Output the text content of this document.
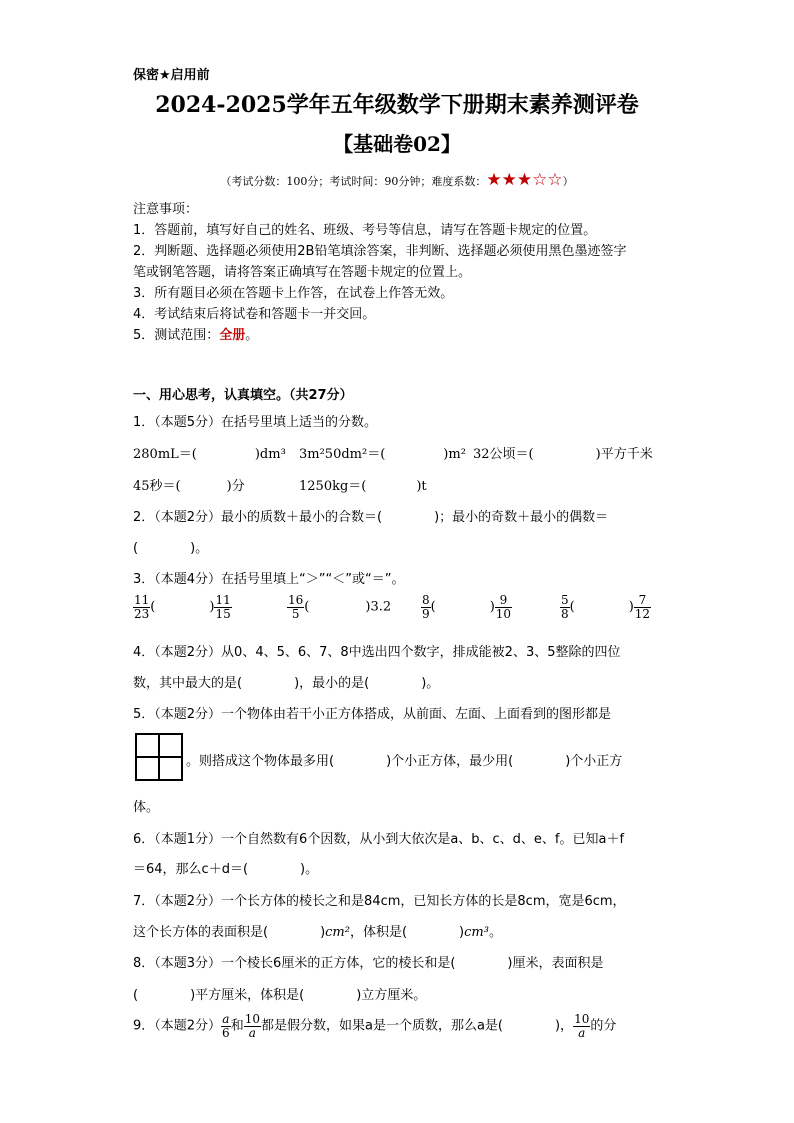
保密★启用前
2024-2025学年五年级数学下册期末素养测评卷
【基础卷02】
（考试分数：100分；考试时间：90分钟；难度系数：★★★☆☆）
注意事项：
1．答题前，填写好自己的姓名、班级、考号等信息，请写在答题卡规定的位置。
2．判断题、选择题必须使用2B铅笔填涂答案，非判断、选择题必须使用黑色墨迹签字
笔或钢笔答题，请将答案正确填写在答题卡规定的位置上。
3．所有题目必须在答题卡上作答，在试卷上作答无效。
4．考试结束后将试卷和答题卡一并交回。
5．测试范围：全册。
一、用心思考，认真填空。（共27分）
1．（本题5分）在括号里填上适当的分数。
280mL＝(	)dm³ 3m²50dm²＝(	)m² 32公顷＝(	)平方千米
45秒＝(	)分	1250kg＝(	)t
2．（本题2分）最小的质数＋最小的合数＝(　　　　)；最小的奇数＋最小的偶数＝
(　　　　)。
3．（本题4分）在括号里填上“＞”“＜”或“＝”。
$\frac{11}{23}$ (	) $\frac{11}{15}$	$\frac{16}{5}$ (	)$3.2 \frac{8}{9}$ (	) $\frac{9}{10}$	$\frac{5}{8}$ (	) $\frac{7}{12}$
4．（本题2分）从0、4、5、6、7、8中选出四个数字，排成能被2、3、5整除的四位
数，其中最大的是(　　　　)，最小的是(　　　　)。
5．（本题2分）一个物体由若干小正方体搭成，从前面、左面、上面看到的图形都是
。则搭成这个物体最多用(　　　　)个小正方体，最少用(　　　　)个小正方
体。
6．（本题1分）一个自然数有6个因数，从小到大依次是a、b、c、d、e、f。已知a＋f
＝64，那么c＋d＝(　　　　)。
7．（本题2分）一个长方体的棱长之和是84cm，已知长方体的长是8cm，宽是6cm，
这个长方体的表面积是(　　　　)cm²，体积是(　　　　)cm³。
8．（本题3分）一个棱长6厘米的正方体，它的棱长和是(　　　　)厘米，表面积是
(　　　　)平方厘米，体积是(　　　　)立方厘米。
9．（本题2分） $\frac{a}{6}$ 和 $\frac{10}{a}$ 都是假分数，如果a是一个质数，那么a是(　　　　)， $\frac{10}{a}$ 的分
